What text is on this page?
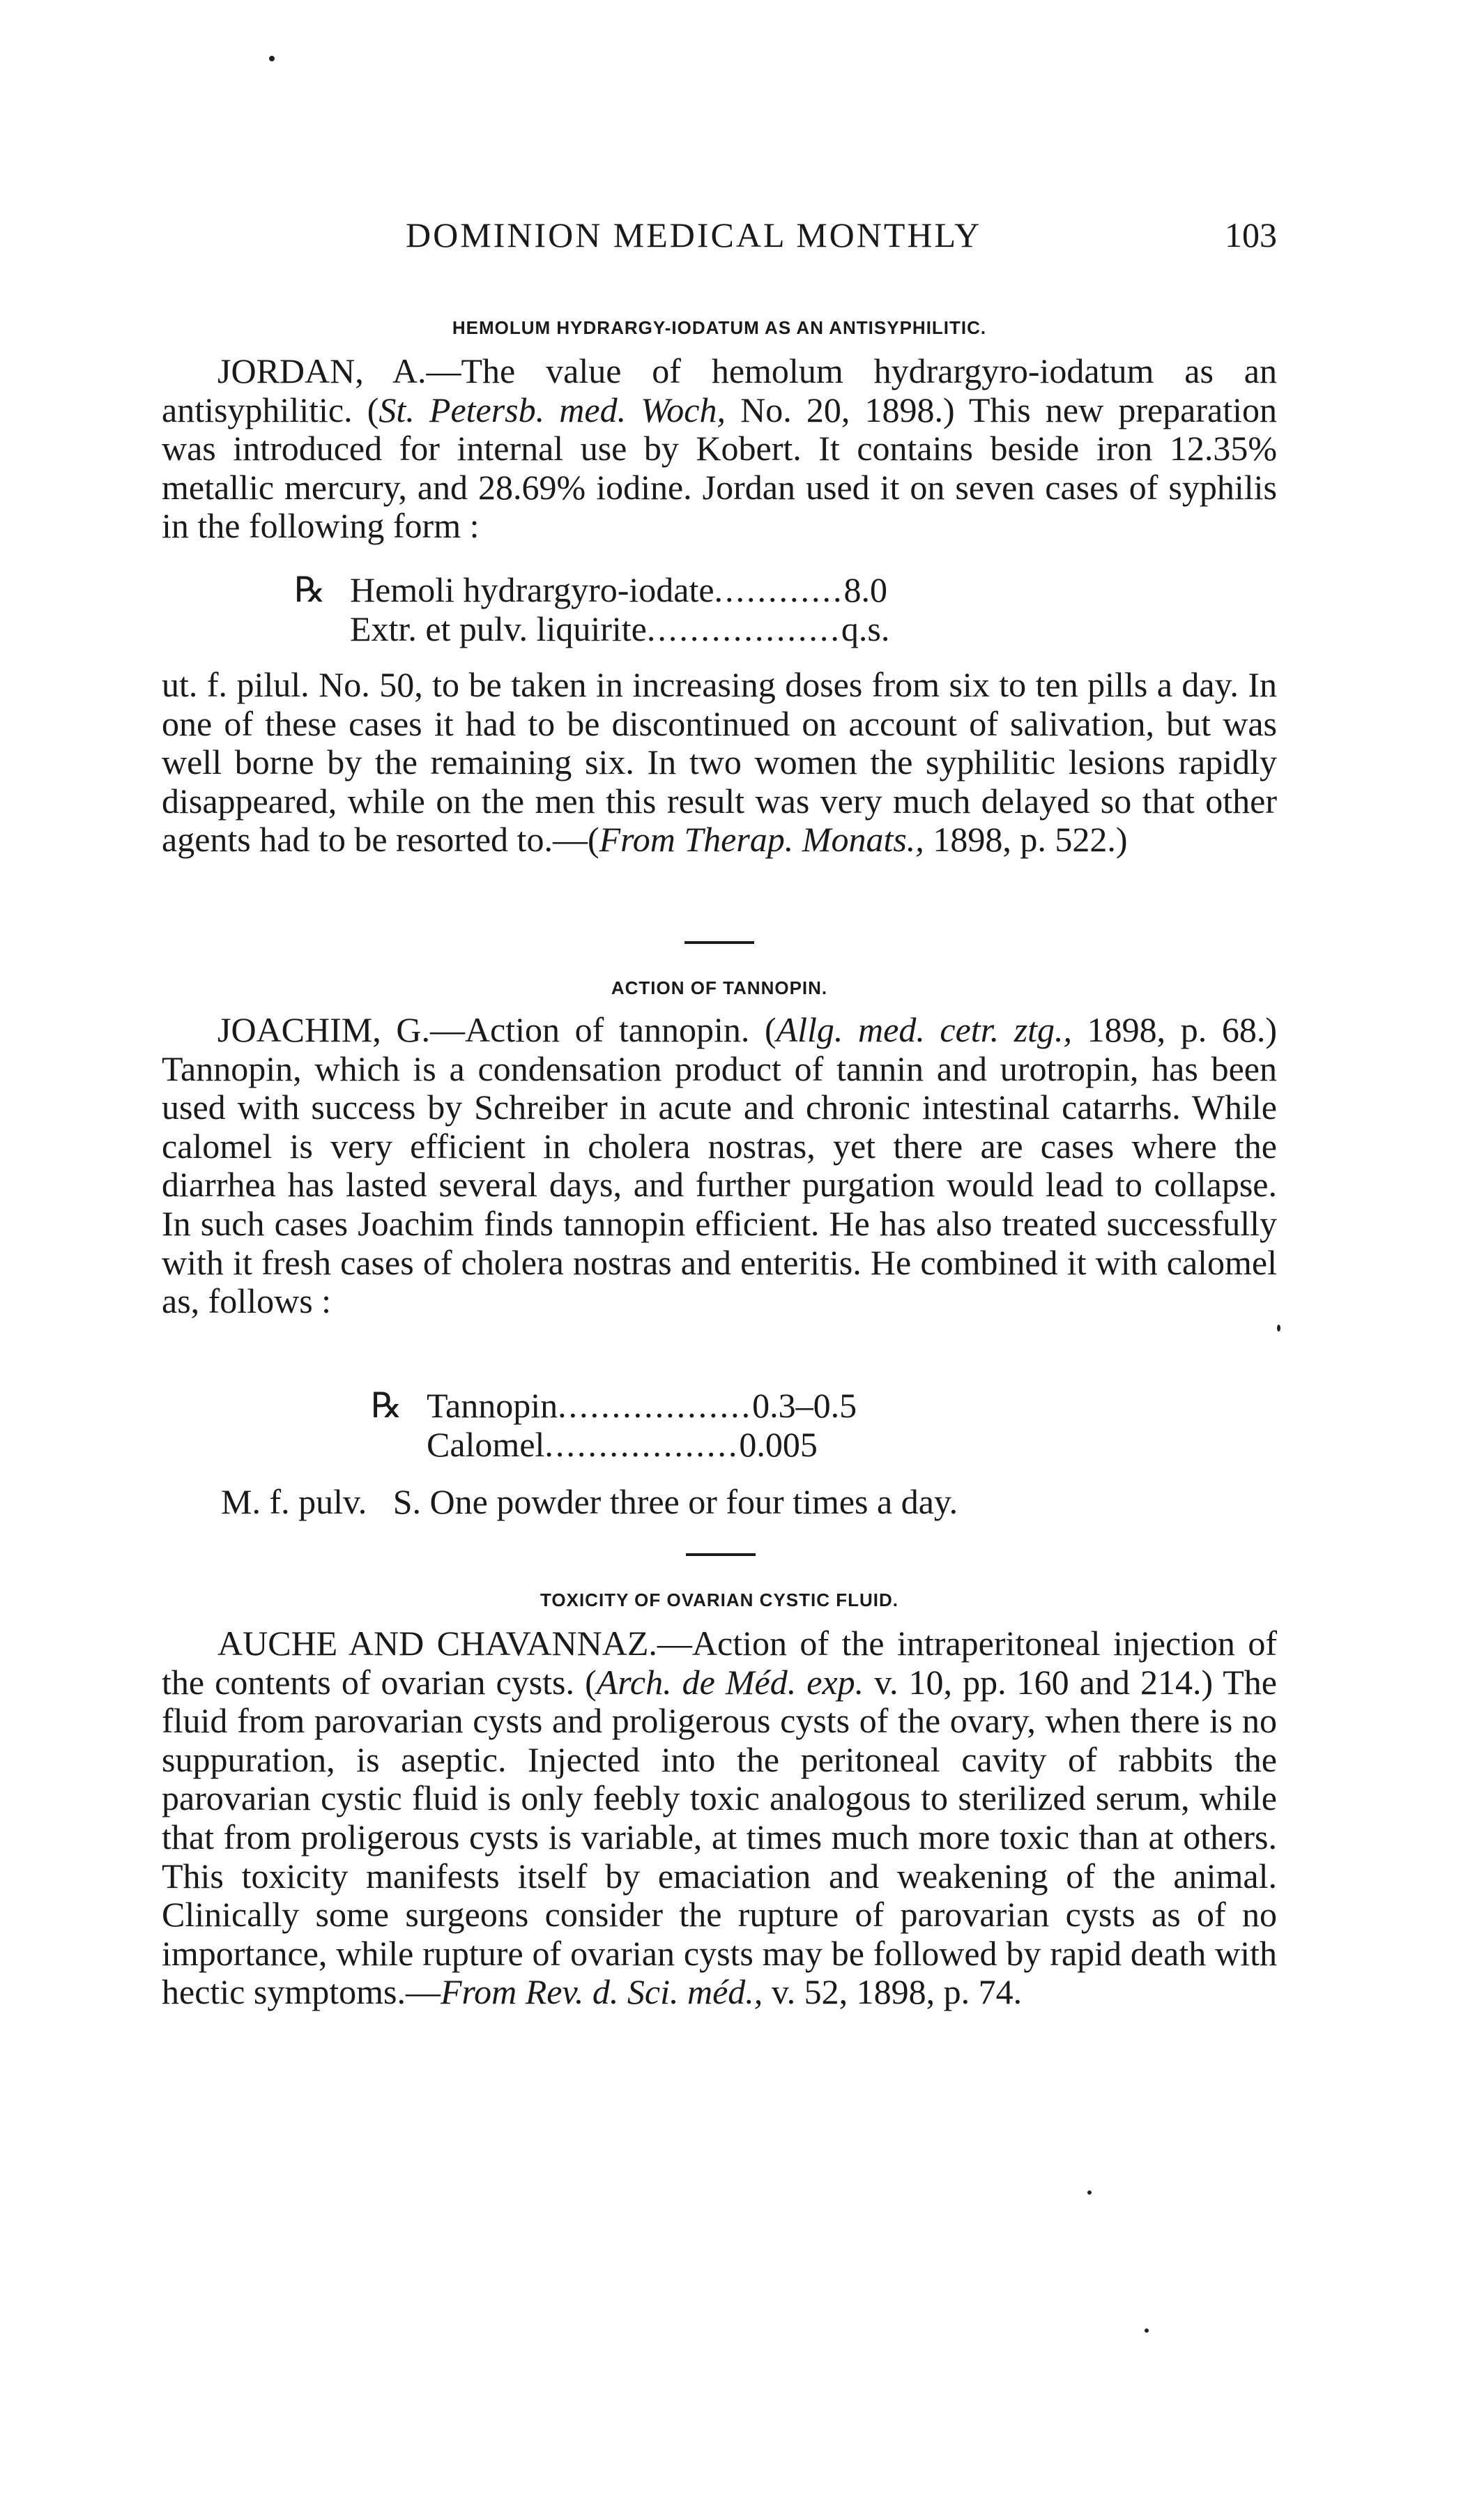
DOMINION MEDICAL MONTHLY	103
HEMOLUM HYDRARGY-IODATUM AS AN ANTISYPHILITIC.

JORDAN, A.—The value of hemolum hydrargyro-iodatum as an antisyphilitic. (St. Petersb. med. Woch, No. 20, 1898.) This new preparation was introduced for internal use by Kobert. It contains beside iron 12.35% metallic mercury, and 28.69% iodine. Jordan used it on seven cases of syphilis in the following form :

℞ Hemoli hydrargyro-iodate ............ 8.0
Extr. et pulv. liquirite .................. q.s.

ut. f. pilul. No. 50, to be taken in increasing doses from six to ten pills a day. In one of these cases it had to be discontinued on account of salivation, but was well borne by the remaining six. In two women the syphilitic lesions rapidly disappeared, while on the men this result was very much delayed so that other agents had to be resorted to.—(From Therap. Monats., 1898, p. 522.)

ACTION OF TANNOPIN.

JOACHIM, G.—Action of tannopin. (Allg. med. cetr. ztg., 1898, p. 68.) Tannopin, which is a condensation product of tannin and urotropin, has been used with success by Schreiber in acute and chronic intestinal catarrhs. While calomel is very efficient in cholera nostras, yet there are cases where the diarrhea has lasted several days, and further purgation would lead to collapse. In such cases Joachim finds tannopin efficient. He has also treated successfully with it fresh cases of cholera nostras and enteritis. He combined it with calomel as, follows :

℞ Tannopin .................. 0.3–0.5
Calomel .................. 0.005
M. f. pulv.   S. One powder three or four times a day.
TOXICITY OF OVARIAN CYSTIC FLUID.

AUCHE AND CHAVANNAZ.—Action of the intraperitoneal injection of the contents of ovarian cysts. (Arch. de Méd. exp. v. 10, pp. 160 and 214.) The fluid from parovarian cysts and proligerous cysts of the ovary, when there is no suppuration, is aseptic. Injected into the peritoneal cavity of rabbits the parovarian cystic fluid is only feebly toxic analogous to sterilized serum, while that from proligerous cysts is variable, at times much more toxic than at others. This toxicity manifests itself by emaciation and weakening of the animal. Clinically some surgeons consider the rupture of parovarian cysts as of no importance, while rupture of ovarian cysts may be followed by rapid death with hectic symptoms.—From Rev. d. Sci. méd., v. 52, 1898, p. 74.
